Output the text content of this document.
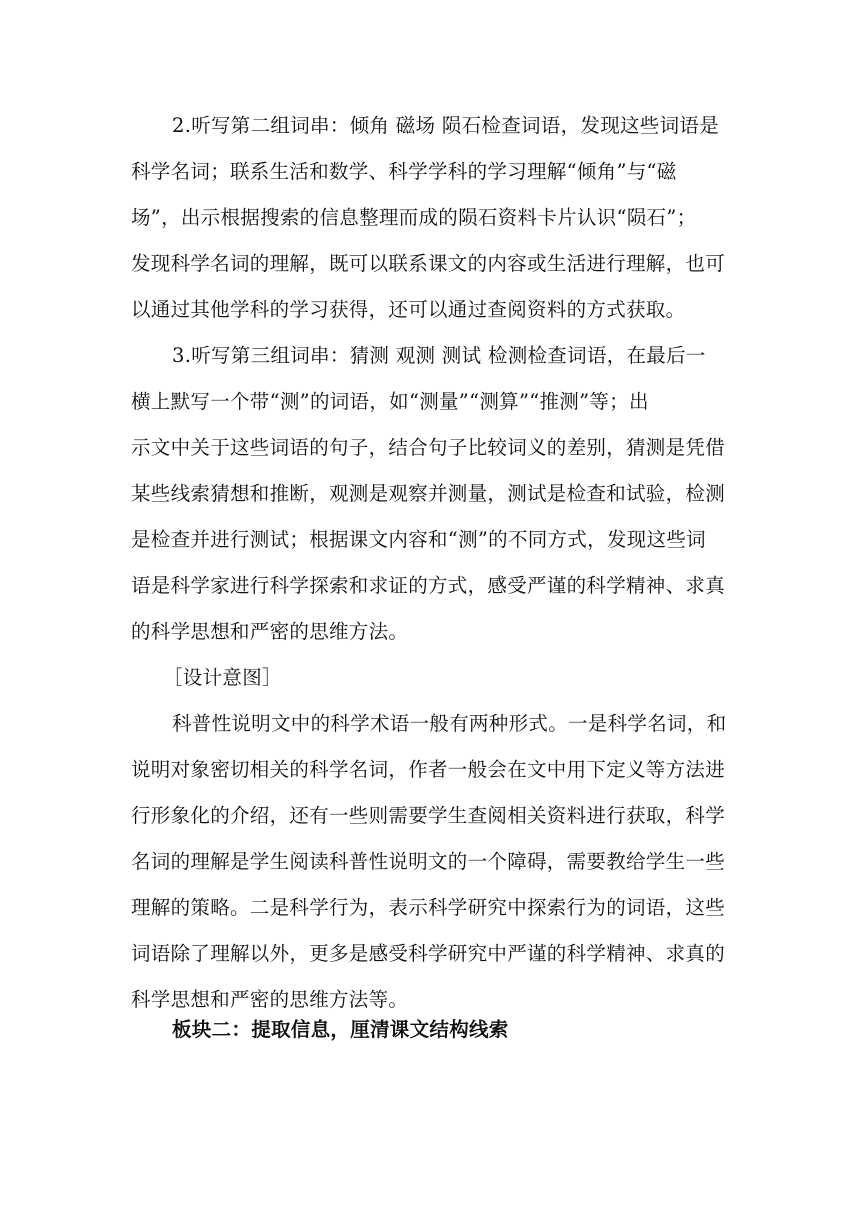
2.听写第二组词串：倾角 磁场 陨石检查词语，发现这些词语是
科学名词；联系生活和数学、科学学科的学习理解“倾角”与“磁
场”，出示根据搜索的信息整理而成的陨石资料卡片认识“陨石”；
发现科学名词的理解，既可以联系课文的内容或生活进行理解，也可
以通过其他学科的学习获得，还可以通过查阅资料的方式获取。
3.听写第三组词串：猜测 观测 测试 检测检查词语，在最后一
横上默写一个带“测”的词语，如“测量”“测算”“推测”等；出
示文中关于这些词语的句子，结合句子比较词义的差别，猜测是凭借
某些线索猜想和推断，观测是观察并测量，测试是检查和试验，检测
是检查并进行测试；根据课文内容和“测”的不同方式，发现这些词
语是科学家进行科学探索和求证的方式，感受严谨的科学精神、求真
的科学思想和严密的思维方法。
［设计意图］
科普性说明文中的科学术语一般有两种形式。一是科学名词，和
说明对象密切相关的科学名词，作者一般会在文中用下定义等方法进
行形象化的介绍，还有一些则需要学生查阅相关资料进行获取，科学
名词的理解是学生阅读科普性说明文的一个障碍，需要教给学生一些
理解的策略。二是科学行为，表示科学研究中探索行为的词语，这些
词语除了理解以外，更多是感受科学研究中严谨的科学精神、求真的
科学思想和严密的思维方法等。
板块二：提取信息，厘清课文结构线索
